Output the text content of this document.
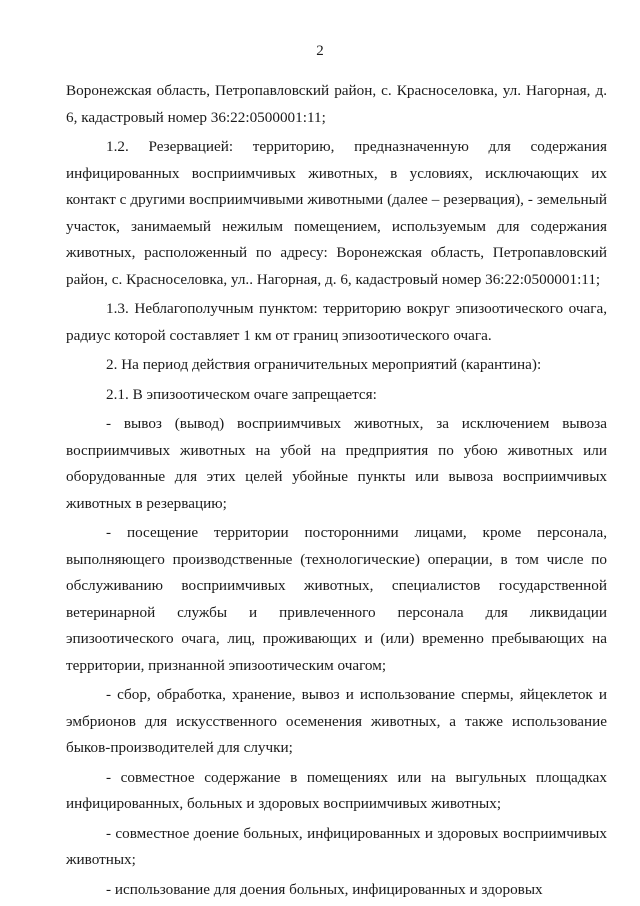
2

Воронежская область, Петропавловский район, с. Красноселовка, ул. Нагорная, д. 6, кадастровый номер 36:22:0500001:11;

1.2. Резервацией: территорию, предназначенную для содержания инфицированных восприимчивых животных, в условиях, исключающих их контакт с другими восприимчивыми животными (далее – резервация), - земельный участок, занимаемый нежилым помещением, используемым для содержания животных, расположенный по адресу: Воронежская область, Петропавловский район, с. Красноселовка, ул.. Нагорная, д. 6, кадастровый номер 36:22:0500001:11;

1.3. Неблагополучным пунктом: территорию вокруг эпизоотического очага, радиус которой составляет 1 км от границ эпизоотического очага.

2. На период действия ограничительных мероприятий (карантина):

2.1. В эпизоотическом очаге запрещается:

- вывоз (вывод) восприимчивых животных, за исключением вывоза восприимчивых животных на убой на предприятия по убою животных или оборудованные для этих целей убойные пункты или вывоза восприимчивых животных в резервацию;

- посещение территории посторонними лицами, кроме персонала, выполняющего производственные (технологические) операции, в том числе по обслуживанию восприимчивых животных, специалистов государственной ветеринарной службы и привлеченного персонала для ликвидации эпизоотического очага, лиц, проживающих и (или) временно пребывающих на территории, признанной эпизоотическим очагом;

- сбор, обработка, хранение, вывоз и использование спермы, яйцеклеток и эмбрионов для искусственного осеменения животных, а также использование быков-производителей для случки;

- совместное содержание в помещениях или на выгульных площадках инфицированных, больных и здоровых восприимчивых животных;

- совместное доение больных, инфицированных и здоровых восприимчивых животных;

- использование для доения больных, инфицированных и здоровых
